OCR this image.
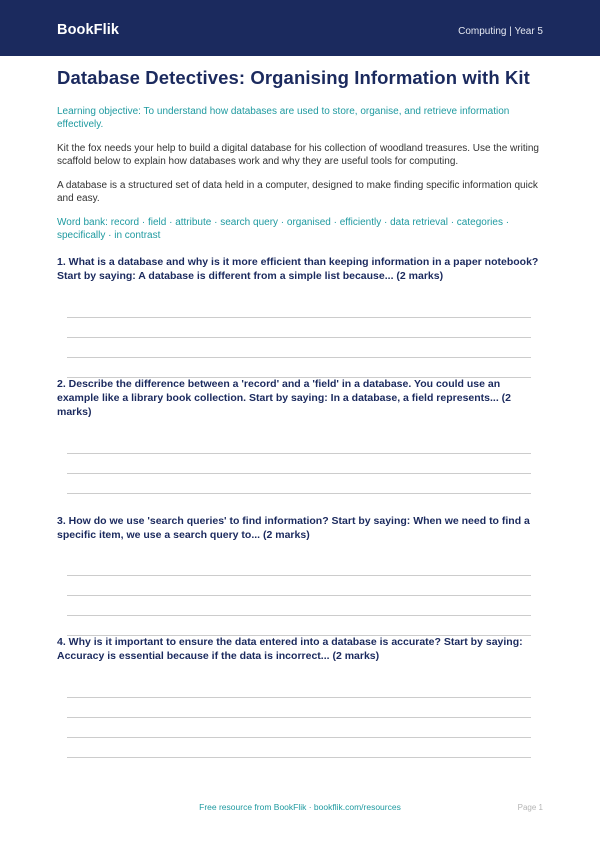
BookFlik	Computing | Year 5
Database Detectives: Organising Information with Kit
Learning objective: To understand how databases are used to store, organise, and retrieve information effectively.
Kit the fox needs your help to build a digital database for his collection of woodland treasures. Use the writing scaffold below to explain how databases work and why they are useful tools for computing.
A database is a structured set of data held in a computer, designed to make finding specific information quick and easy.
Word bank: record · field · attribute · search query · organised · efficiently · data retrieval · categories · specifically · in contrast
1. What is a database and why is it more efficient than keeping information in a paper notebook? Start by saying: A database is different from a simple list because... (2 marks)
2. Describe the difference between a 'record' and a 'field' in a database. You could use an example like a library book collection. Start by saying: In a database, a field represents... (2 marks)
3. How do we use 'search queries' to find information? Start by saying: When we need to find a specific item, we use a search query to... (2 marks)
4. Why is it important to ensure the data entered into a database is accurate? Start by saying: Accuracy is essential because if the data is incorrect... (2 marks)
Free resource from BookFlik · bookflik.com/resources	Page 1
